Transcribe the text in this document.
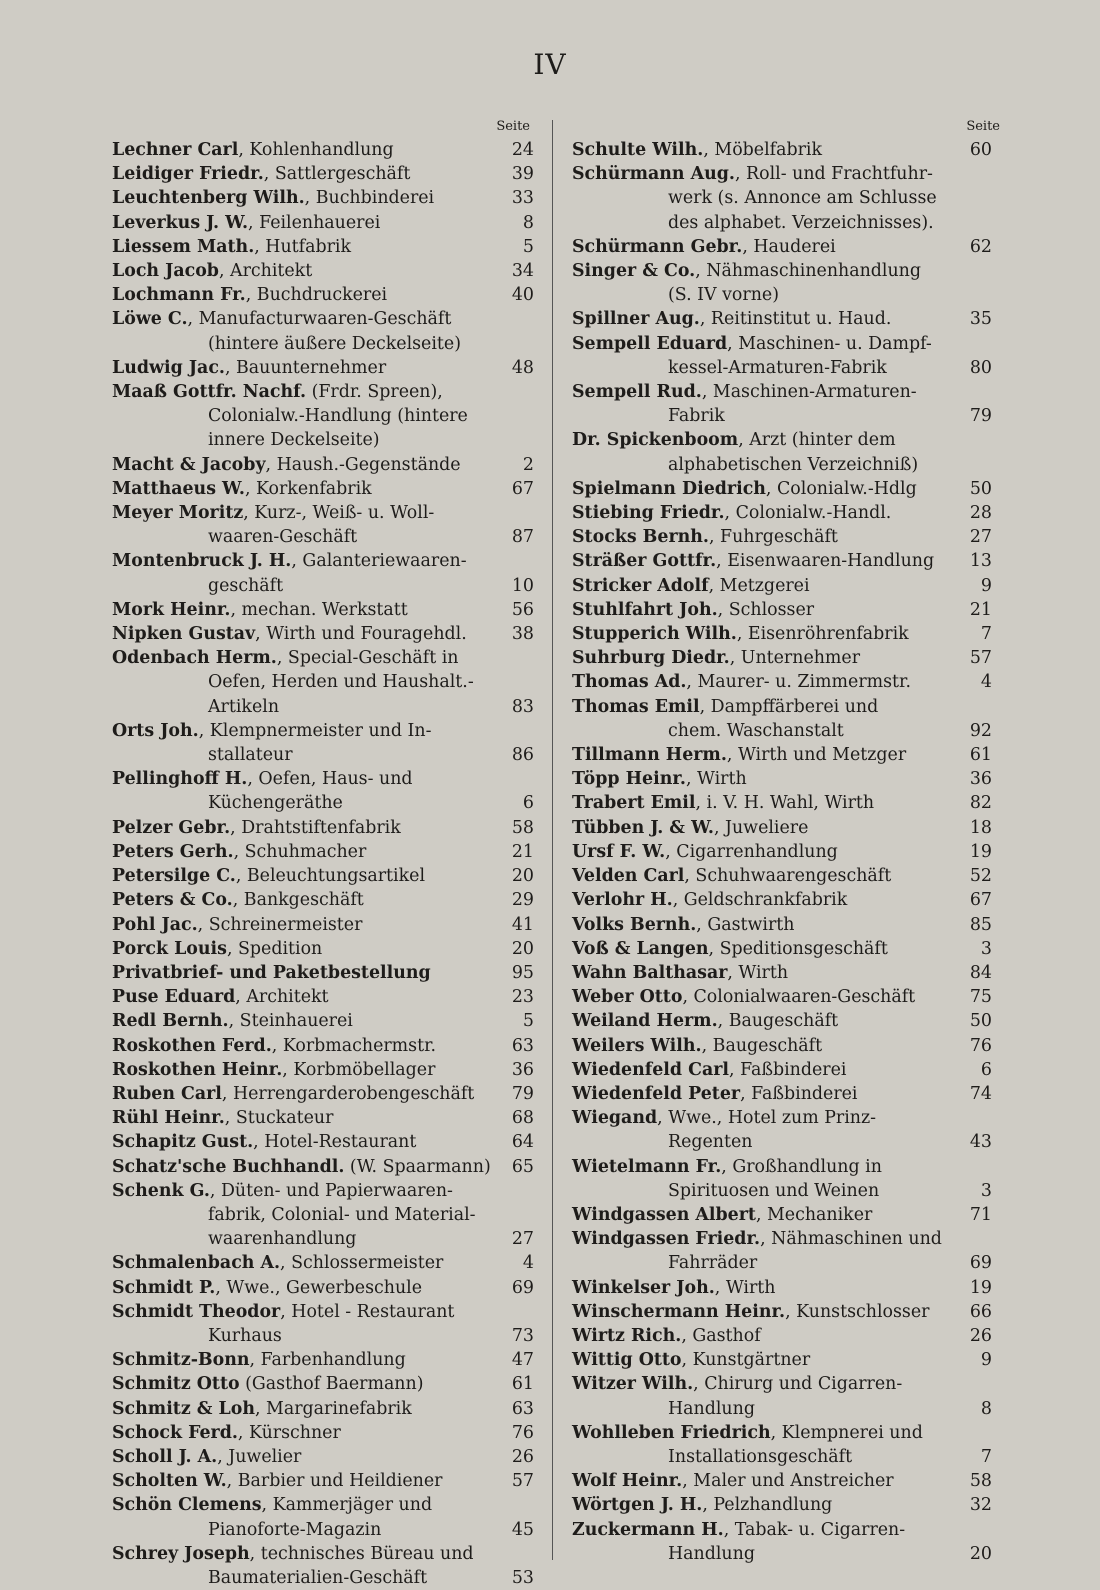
IV
Seite
Lechner Carl, Kohlenhandlung	24
Leidiger Friedr., Sattlergeschäft	39
Leuchtenberg Wilh., Buchbinderei	33
Leverkus J. W., Feilenhauerei	8
Liessem Math., Hutfabrik	5
Loch Jacob, Architekt	34
Lochmann Fr., Buchdruckerei	40
Löwe C., Manufacturwaaren-Geschäft
(hintere äußere Deckelseite)
Ludwig Jac., Bauunternehmer	48
Maaß Gottfr. Nachf. (Frdr. Spreen),
Colonialw.-Handlung (hintere
innere Deckelseite)
Macht & Jacoby, Haush.-Gegenstände	2
Matthaeus W., Korkenfabrik	67
Meyer Moritz, Kurz-, Weiß- u. Woll-
waaren-Geschäft	87
Montenbruck J. H., Galanteriewaaren-
geschäft	10
Mork Heinr., mechan. Werkstatt	56
Nipken Gustav, Wirth und Fouragehdl.	38
Odenbach Herm., Special-Geschäft in
Oefen, Herden und Haushalt.-
Artikeln	83
Orts Joh., Klempnermeister und In-
stallateur	86
Pellinghoff H., Oefen, Haus- und
Küchengeräthe	6
Pelzer Gebr., Drahtstiftenfabrik	58
Peters Gerh., Schuhmacher	21
Petersilge C., Beleuchtungsartikel	20
Peters & Co., Bankgeschäft	29
Pohl Jac., Schreinermeister	41
Porck Louis, Spedition	20
Privatbrief- und Paketbestellung	95
Puse Eduard, Architekt	23
Redl Bernh., Steinhauerei	5
Roskothen Ferd., Korbmachermstr.	63
Roskothen Heinr., Korbmöbellager	36
Ruben Carl, Herrengarderobengeschäft	79
Rühl Heinr., Stuckateur	68
Schapitz Gust., Hotel-Restaurant	64
Schatz'sche Buchhandl. (W. Spaarmann)	65
Schenk G., Düten- und Papierwaaren-
fabrik, Colonial- und Material-
waarenhandlung	27
Schmalenbach A., Schlossermeister	4
Schmidt P., Wwe., Gewerbeschule	69
Schmidt Theodor, Hotel - Restaurant
Kurhaus	73
Schmitz-Bonn, Farbenhandlung	47
Schmitz Otto (Gasthof Baermann)	61
Schmitz & Loh, Margarinefabrik	63
Schock Ferd., Kürschner	76
Scholl J. A., Juwelier	26
Scholten W., Barbier und Heildiener	57
Schön Clemens, Kammerjäger und
Pianoforte-Magazin	45
Schrey Joseph, technisches Büreau und
Baumaterialien-Geschäft	53
Seite
Schulte Wilh., Möbelfabrik	60
Schürmann Aug., Roll- und Frachtfuhr-
werk (s. Annonce am Schlusse
des alphabet. Verzeichnisses).
Schürmann Gebr., Hauderei	62
Singer & Co., Nähmaschinenhandlung
(S. IV vorne)
Spillner Aug., Reitinstitut u. Haud.	35
Sempell Eduard, Maschinen- u. Dampf-
kessel-Armaturen-Fabrik	80
Sempell Rud., Maschinen-Armaturen-
Fabrik	79
Dr. Spickenboom, Arzt (hinter dem
alphabetischen Verzeichniß)
Spielmann Diedrich, Colonialw.-Hdlg	50
Stiebing Friedr., Colonialw.-Handl.	28
Stocks Bernh., Fuhrgeschäft	27
Sträßer Gottfr., Eisenwaaren-Handlung	13
Stricker Adolf, Metzgerei	9
Stuhlfahrt Joh., Schlosser	21
Stupperich Wilh., Eisenröhrenfabrik	7
Suhrburg Diedr., Unternehmer	57
Thomas Ad., Maurer- u. Zimmermstr.	4
Thomas Emil, Dampffärberei und
chem. Waschanstalt	92
Tillmann Herm., Wirth und Metzger	61
Töpp Heinr., Wirth	36
Trabert Emil, i. V. H. Wahl, Wirth	82
Tübben J. & W., Juweliere	18
Ursf F. W., Cigarrenhandlung	19
Velden Carl, Schuhwaarengeschäft	52
Verlohr H., Geldschrankfabrik	67
Volks Bernh., Gastwirth	85
Voß & Langen, Speditionsgeschäft	3
Wahn Balthasar, Wirth	84
Weber Otto, Colonialwaaren-Geschäft	75
Weiland Herm., Baugeschäft	50
Weilers Wilh., Baugeschäft	76
Wiedenfeld Carl, Faßbinderei	6
Wiedenfeld Peter, Faßbinderei	74
Wiegand, Wwe., Hotel zum Prinz-
Regenten	43
Wietelmann Fr., Großhandlung in
Spirituosen und Weinen	3
Windgassen Albert, Mechaniker	71
Windgassen Friedr., Nähmaschinen und
Fahrräder	69
Winkelser Joh., Wirth	19
Winschermann Heinr., Kunstschlosser	66
Wirtz Rich., Gasthof	26
Wittig Otto, Kunstgärtner	9
Witzer Wilh., Chirurg und Cigarren-
Handlung	8
Wohlleben Friedrich, Klempnerei und
Installationsgeschäft	7
Wolf Heinr., Maler und Anstreicher	58
Wörtgen J. H., Pelzhandlung	32
Zuckermann H., Tabak- u. Cigarren-
Handlung	20
